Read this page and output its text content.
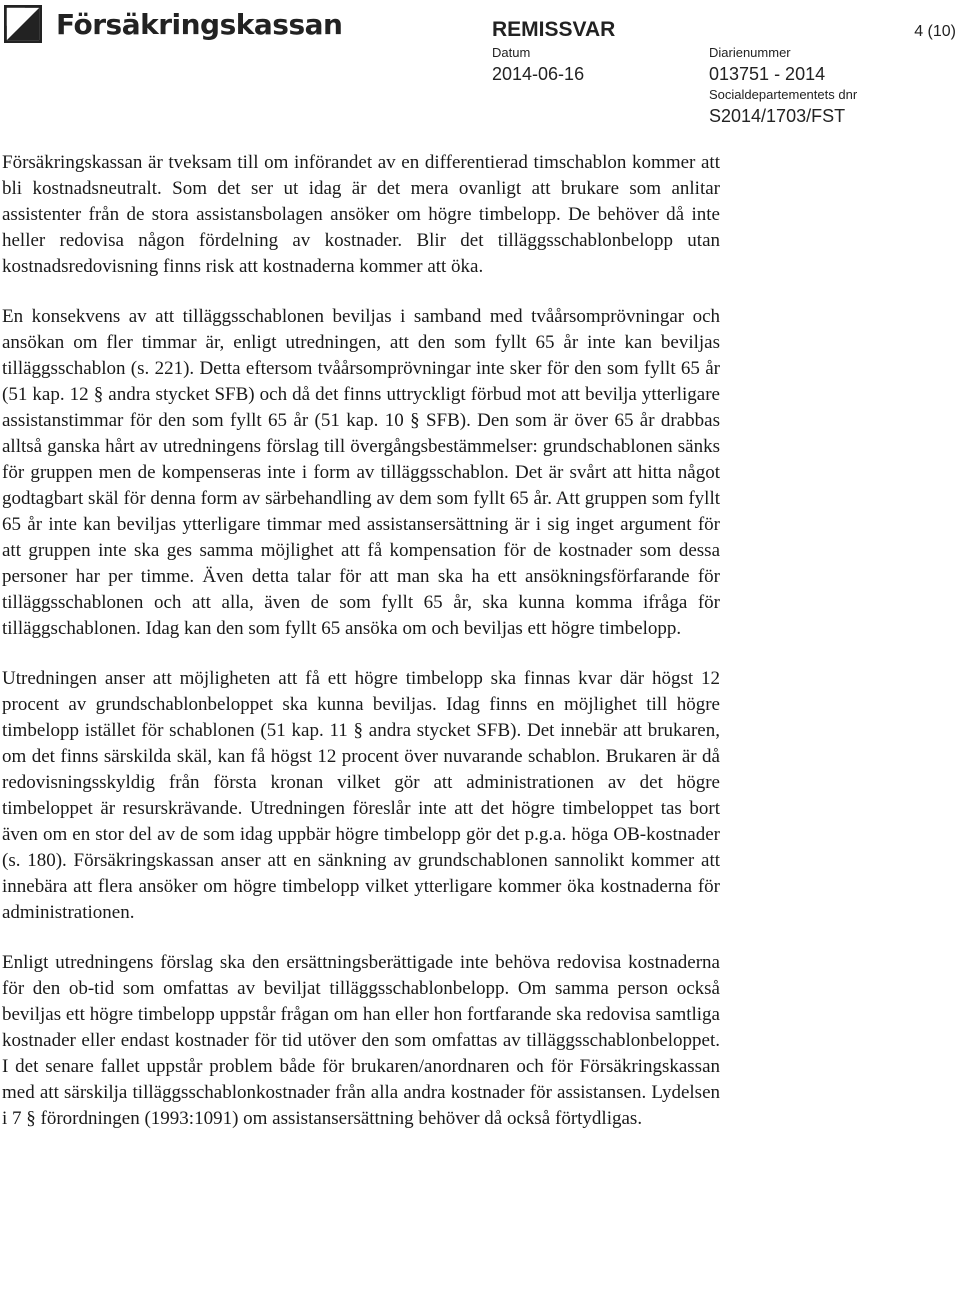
Försäkringskassan	REMISSVAR	4 (10)
Datum
2014-06-16
Diarienummer
013751 - 2014
Socialdepartementets dnr
S2014/1703/FST

Försäkringskassan är tveksam till om införandet av en differentierad timschablon kommer att bli kostnadsneutralt. Som det ser ut idag är det mera ovanligt att brukare som anlitar assistenter från de stora assistansbolagen ansöker om högre timbelopp. De behöver då inte heller redovisa någon fördelning av kostnader. Blir det tilläggsschablonbelopp utan kostnadsredovisning finns risk att kostnaderna kommer att öka.

En konsekvens av att tilläggsschablonen beviljas i samband med tvåårsomprövningar och ansökan om fler timmar är, enligt utredningen, att den som fyllt 65 år inte kan beviljas tilläggsschablon (s. 221). Detta eftersom tvåårsomprövningar inte sker för den som fyllt 65 år (51 kap. 12 § andra stycket SFB) och då det finns uttryckligt förbud mot att bevilja ytterligare assistanstimmar för den som fyllt 65 år (51 kap. 10 § SFB). Den som är över 65 år drabbas alltså ganska hårt av utredningens förslag till övergångsbestämmelser: grundschablonen sänks för gruppen men de kompenseras inte i form av tilläggsschablon. Det är svårt att hitta något godtagbart skäl för denna form av särbehandling av dem som fyllt 65 år. Att gruppen som fyllt 65 år inte kan beviljas ytterligare timmar med assistansersättning är i sig inget argument för att gruppen inte ska ges samma möjlighet att få kompensation för de kostnader som dessa personer har per timme. Även detta talar för att man ska ha ett ansökningsförfarande för tilläggsschablonen och att alla, även de som fyllt 65 år, ska kunna komma ifråga för tilläggschablonen. Idag kan den som fyllt 65 ansöka om och beviljas ett högre timbelopp.

Utredningen anser att möjligheten att få ett högre timbelopp ska finnas kvar där högst 12 procent av grundschablonbeloppet ska kunna beviljas. Idag finns en möjlighet till högre timbelopp istället för schablonen (51 kap. 11 § andra stycket SFB). Det innebär att brukaren, om det finns särskilda skäl, kan få högst 12 procent över nuvarande schablon. Brukaren är då redovisningsskyldig från första kronan vilket gör att administrationen av det högre timbeloppet är resurskrävande. Utredningen föreslår inte att det högre timbeloppet tas bort även om en stor del av de som idag uppbär högre timbelopp gör det p.g.a. höga OB-kostnader (s. 180). Försäkringskassan anser att en sänkning av grundschablonen sannolikt kommer att innebära att flera ansöker om högre timbelopp vilket ytterligare kommer öka kostnaderna för administrationen.

Enligt utredningens förslag ska den ersättningsberättigade inte behöva redovisa kostnaderna för den ob-tid som omfattas av beviljat tilläggsschablonbelopp. Om samma person också beviljas ett högre timbelopp uppstår frågan om han eller hon fortfarande ska redovisa samtliga kostnader eller endast kostnader för tid utöver den som omfattas av tilläggsschablonbeloppet. I det senare fallet uppstår problem både för brukaren/anordnaren och för Försäkringskassan med att särskilja tilläggsschablonkostnader från alla andra kostnader för assistansen. Lydelsen i 7 § förordningen (1993:1091) om assistansersättning behöver då också förtydligas.
